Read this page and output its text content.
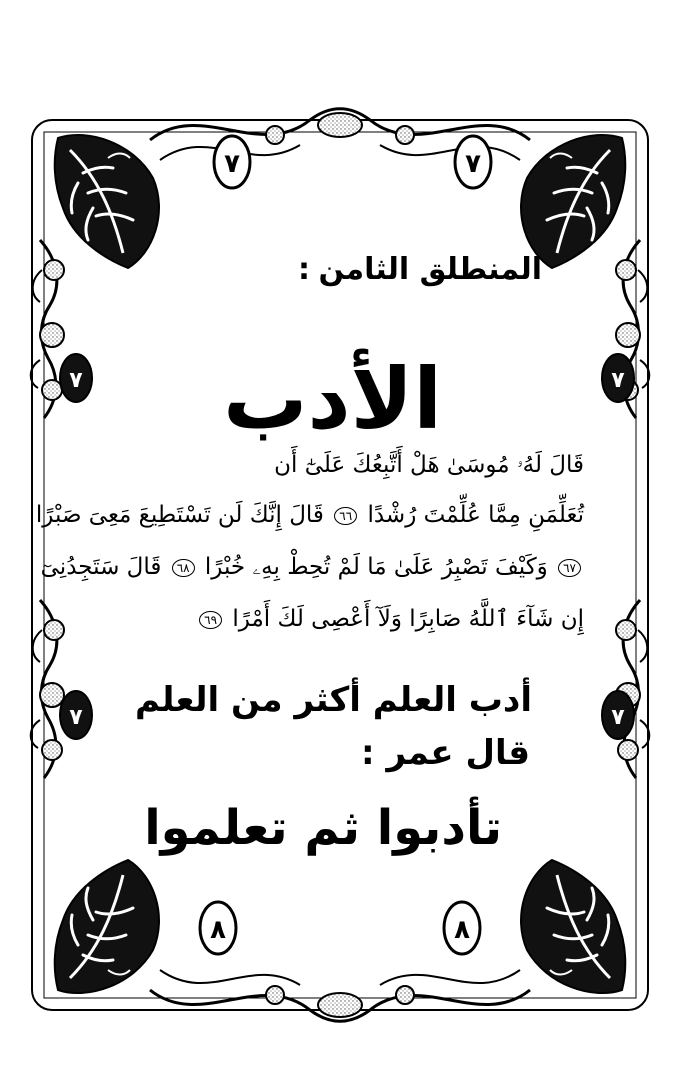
٧	٧
٧	٧
٧	٧
٨	٨
المنطلق الثامن
:
الأدب
قَالَ لَهُۥ مُوسَىٰ هَلْ أَتَّبِعُكَ عَلَىٰٓ أَن
تُعَلِّمَنِ مِمَّا عُلِّمْتَ رُشْدًا ٦٦ قَالَ إِنَّكَ لَن تَسْتَطِيعَ مَعِىَ صَبْرًا
٦٧ وَكَيْفَ تَصْبِرُ عَلَىٰ مَا لَمْ تُحِطْ بِهِۦ خُبْرًا ٦٨ قَالَ سَتَجِدُنِىٓ
إِن شَآءَ ٱللَّهُ صَابِرًا وَلَآ أَعْصِى لَكَ أَمْرًا ٦٩
أدب العلم أكثر من العلم
قال عمر :
تأدبوا ثم تعلموا
